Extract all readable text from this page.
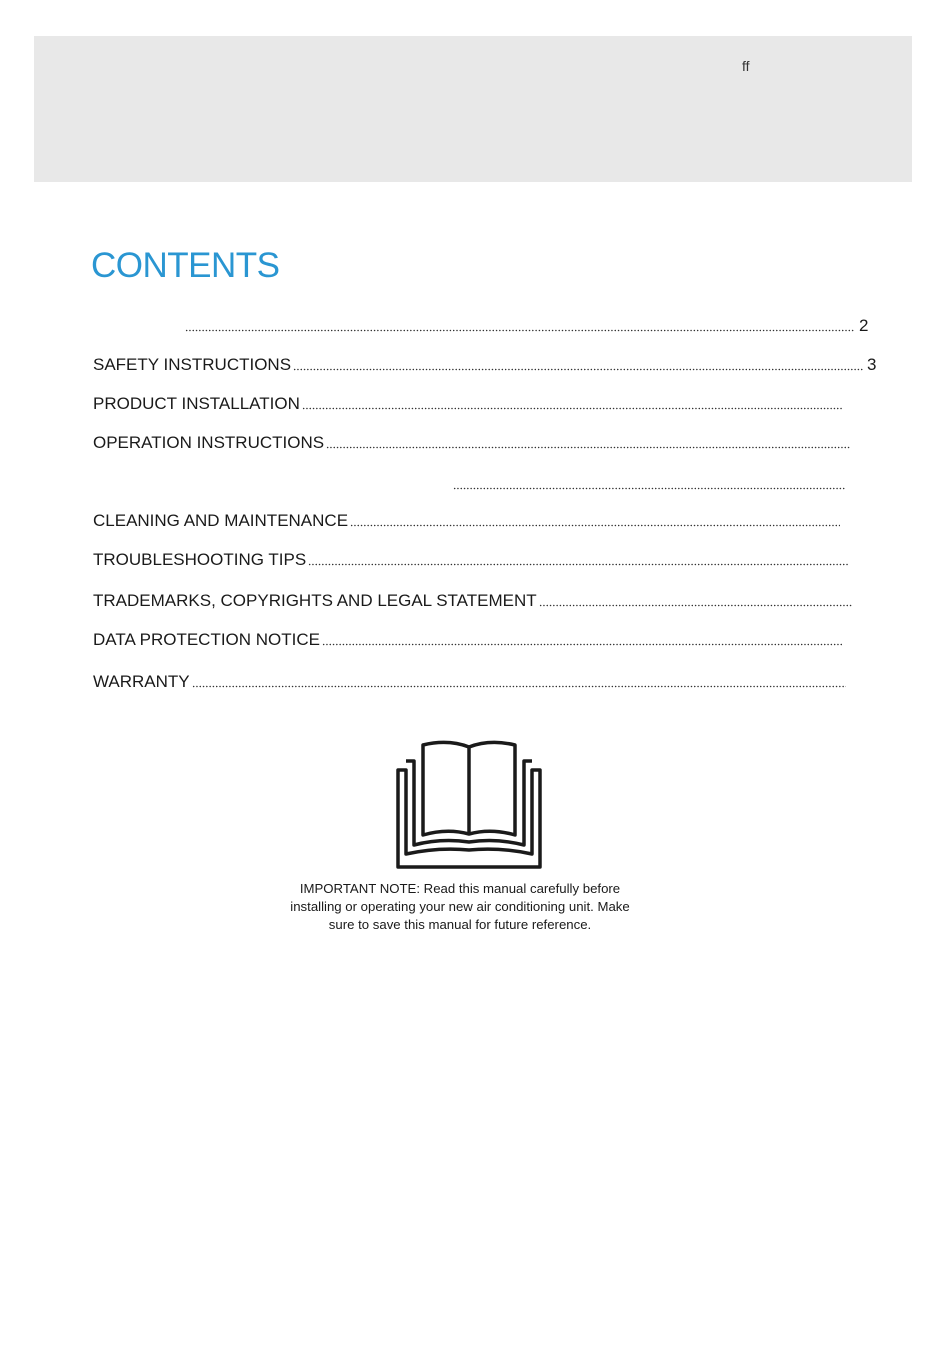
ff
CONTENTS
2
SAFETY INSTRUCTIONS	3
PRODUCT INSTALLATION
OPERATION INSTRUCTIONS
CLEANING AND MAINTENANCE
TROUBLESHOOTING TIPS
TRADEMARKS, COPYRIGHTS AND LEGAL STATEMENT
DATA PROTECTION NOTICE
WARRANTY
IMPORTANT NOTE: Read this manual carefully before
installing or operating your new air conditioning unit. Make
sure to save this manual for future reference.
